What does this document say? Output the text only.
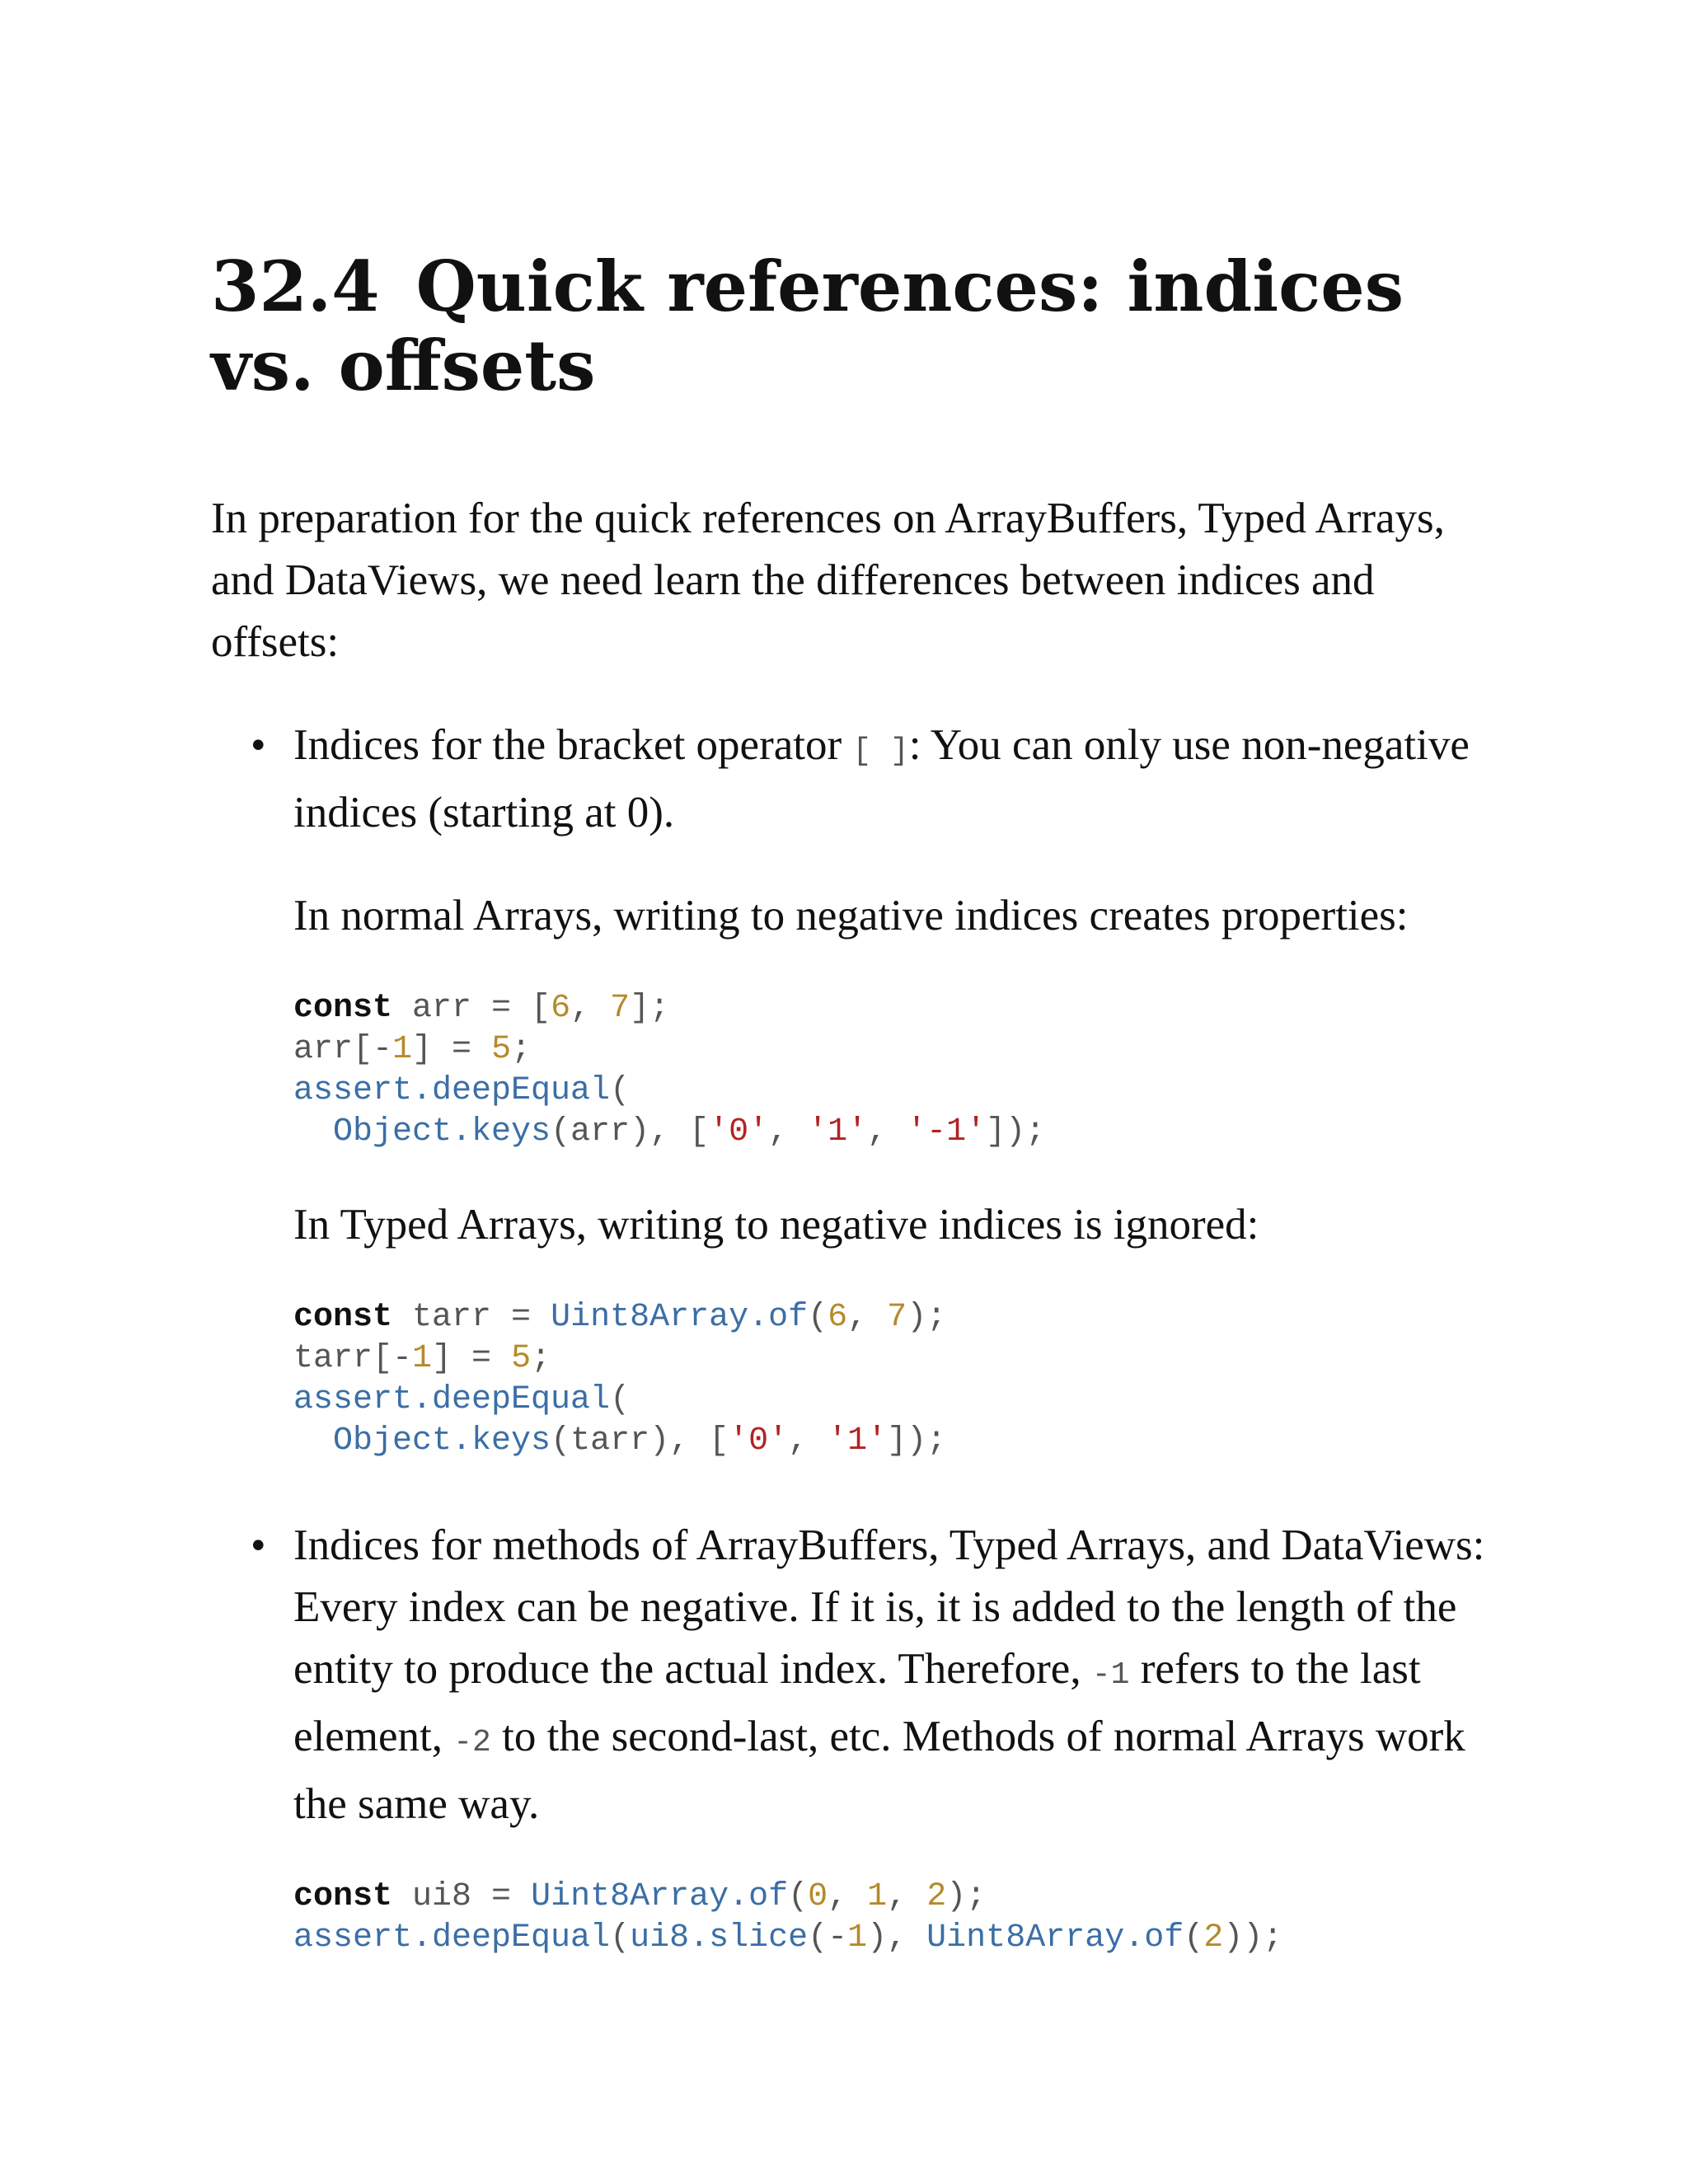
32.4 Quick references: indices
vs. offsets

In preparation for the quick references on ArrayBuffers, Typed Arrays, and DataViews, we need learn the differences between indices and offsets:

• Indices for the bracket operator [ ]: You can only use non-negative indices (starting at 0).

In normal Arrays, writing to negative indices creates properties:

const arr = [6, 7];
arr[-1] = 5;
assert.deepEqual(
Object.keys(arr), ['0', '1', '-1']);

In Typed Arrays, writing to negative indices is ignored:

const tarr = Uint8Array.of(6, 7);
tarr[-1] = 5;
assert.deepEqual(
Object.keys(tarr), ['0', '1']);
• Indices for methods of ArrayBuffers, Typed Arrays, and DataViews: Every index can be negative. If it is, it is added to the length of the entity to produce the actual index. Therefore, -1 refers to the last element, -2 to the second-last, etc. Methods of normal Arrays work the same way.

const ui8 = Uint8Array.of(0, 1, 2);
assert.deepEqual(ui8.slice(-1), Uint8Array.of(2));
